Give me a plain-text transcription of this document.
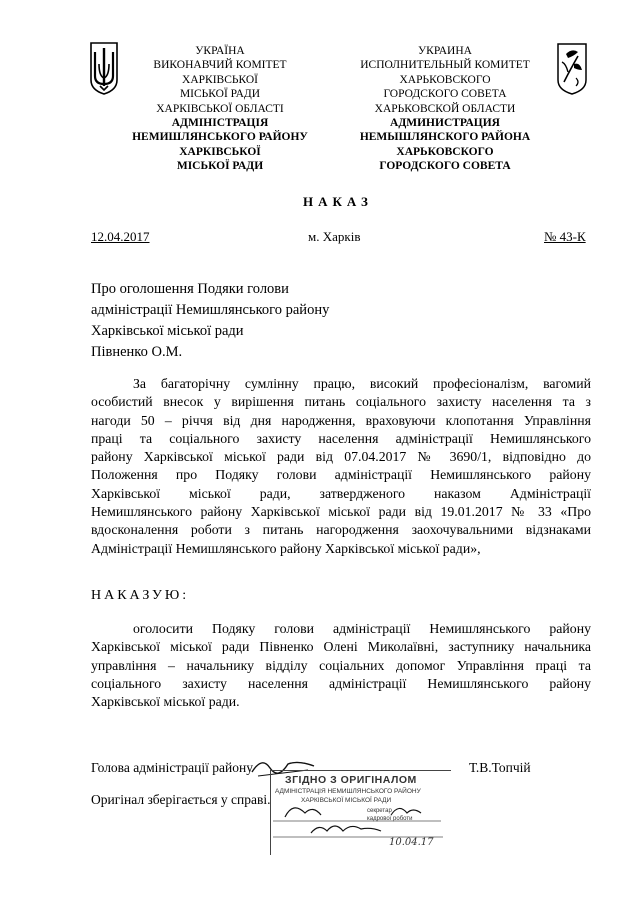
УКРАЇНА
ВИКОНАВЧИЙ КОМІТЕТ
ХАРКІВСЬКОЇ
МІСЬКОЇ РАДИ
ХАРКІВСЬКОЇ ОБЛАСТІ
АДМІНІСТРАЦІЯ
НЕМИШЛЯНСЬКОГО РАЙОНУ
ХАРКІВСЬКОЇ
МІСЬКОЇ РАДИ
УКРАИНА
ИСПОЛНИТЕЛЬНЫЙ КОМИТЕТ
ХАРЬКОВСКОГО
ГОРОДСКОГО СОВЕТА
ХАРЬКОВСКОЙ ОБЛАСТИ
АДМИНИСТРАЦИЯ
НЕМЫШЛЯНСКОГО РАЙОНА
ХАРЬКОВСКОГО
ГОРОДСКОГО СОВЕТА
НАКАЗ
12.04.2017	м. Харків	№ 43-К
Про оголошення Подяки голови
адміністрації Немишлянського району
Харківської міської ради
Півненко О.М.
За багаторічну сумлінну працю, високий професіоналізм, вагомий
особистий внесок у вирішення питань соціального захисту населення та з
нагоди 50 – річчя від дня народження, враховуючи клопотання Управління
праці та соціального захисту населення адміністрації Немишлянського
району Харківської міської ради від 07.04.2017 № 3690/1, відповідно до
Положення про Подяку голови адміністрації Немишлянського району
Харківської міської ради, затвердженого наказом Адміністрації
Немишлянського району Харківської міської ради від 19.01.2017 № 33 «Про
вдосконалення роботи з питань нагородження заохочувальними відзнаками
Адміністрації Немишлянського району Харківської міської ради»,
НАКАЗУЮ:
оголосити Подяку голови адміністрації Немишлянського району
Харківської міської ради Півненко Олені Миколаївні, заступнику начальника
управління – начальнику відділу соціальних допомог Управління праці та
соціального захисту населення адміністрації Немишлянського району
Харківської міської ради.
Голова адміністрації району	Т.В.Топчій
Оригінал зберігається у справі.
ЗГІДНО З ОРИГІНАЛОМ
АДМІНІСТРАЦІЯ НЕМИШЛЯНСЬКОГО РАЙОНУ
ХАРКІВСЬКОЇ МІСЬКОЇ РАДИ
секретар
кадрової роботи
10.04.17
